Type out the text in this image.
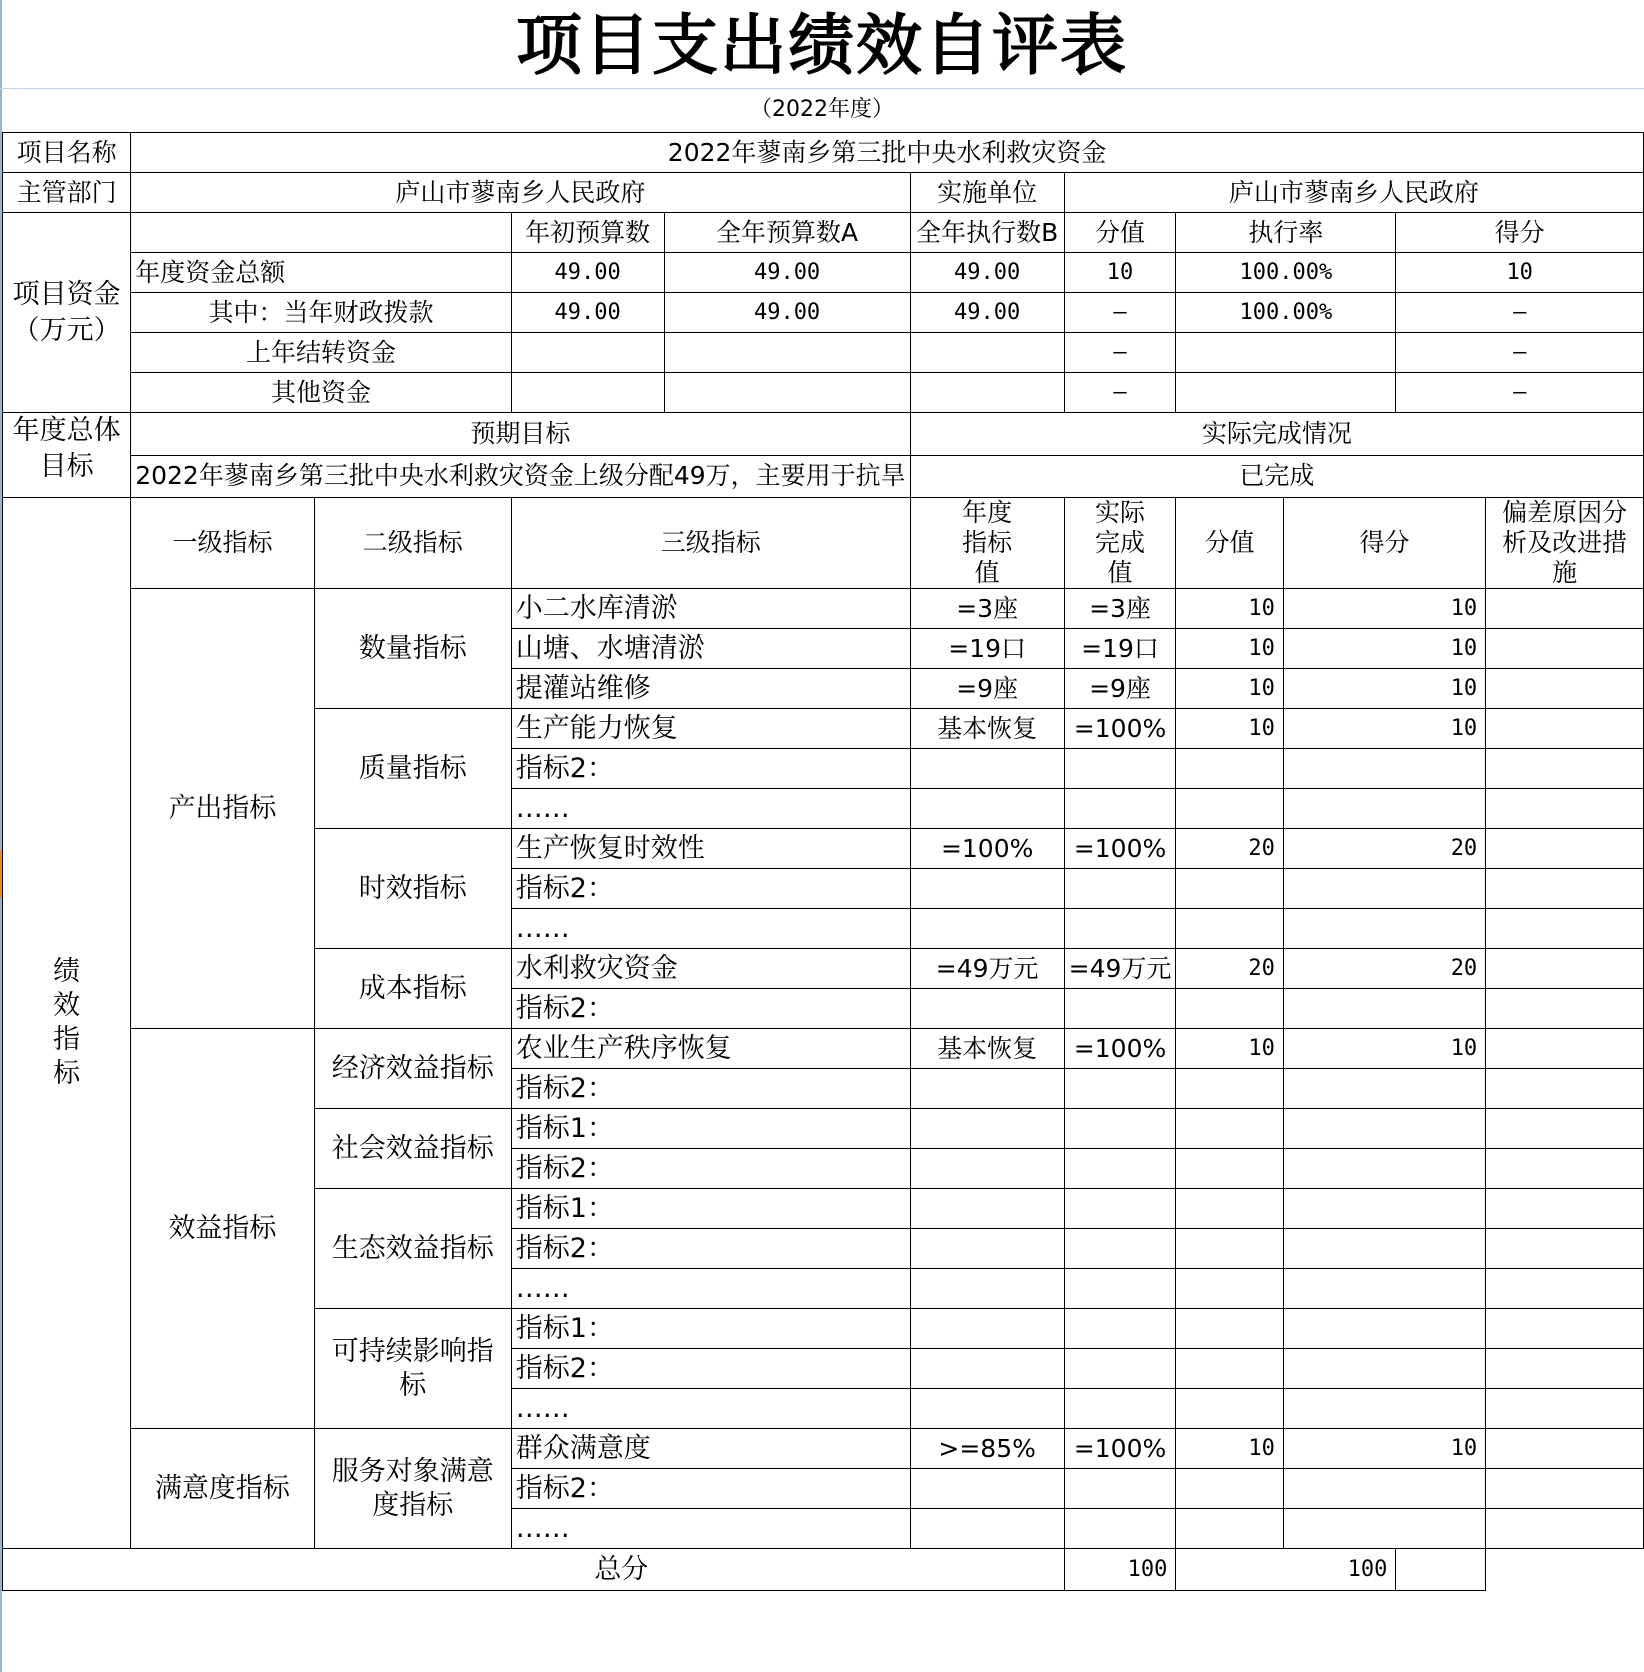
项目支出绩效自评表
（2022年度）
项目名称	2022年蓼南乡第三批中央水利救灾资金									
主管部门	庐山市蓼南乡人民政府				实施单位	庐山市蓼南乡人民政府				
项目资金（万元）			年初预算数	全年预算数A	全年执行数B	分值	执行率		得分	
	年度资金总额		49.00	49.00	49.00	10	100.00%		10	
	其中：当年财政拨款		49.00	49.00	49.00	—	100.00%		—	
	上年结转资金					—			—	
	其他资金					—			—	

年度总体目标	预期目标				实际完成情况					
	2022年蓼南乡第三批中央水利救灾资金上级分配49万，主要用于抗旱				已完成					
绩效指标	一级指标	二级指标	三级指标		年度指标值	实际完成值	分值	得分		偏差原因分析及改进措施
	产出指标	数量指标	小二水库清淤		=3座	=3座	10	10		
			山塘、水塘清淤		=19口	=19口	10	10		
			提灌站维修		=9座	=9座	10	10		
		质量指标	生产能力恢复		基本恢复	=100%	10	10		
			指标2：							
			……							
		时效指标	生产恢复时效性		=100%	=100%	20	20		
			指标2：							
			……							
		成本指标	水利救灾资金		=49万元	=49万元	20	20		
			指标2：							
	效益指标	经济效益指标	农业生产秩序恢复		基本恢复	=100%	10	10		
			指标2：							
		社会效益指标	指标1：							
			指标2：							
		生态效益指标	指标1：							
			指标2：							
			……							
		可持续影响指标	指标1：							
			指标2：							
			……							
	满意度指标	服务对象满意度指标	群众满意度		>=85%	=100%	10	10		
			指标2：							
			……							
总分						100	100			
